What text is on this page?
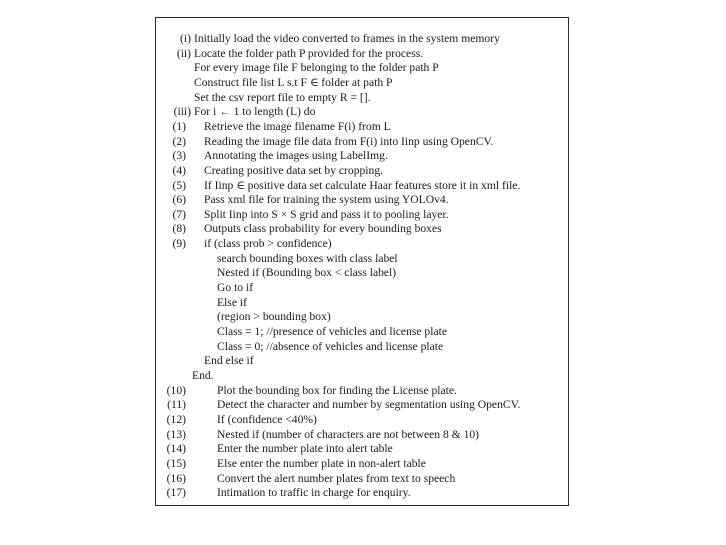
(i) Initially load the video converted to frames in the system memory
(ii) Locate the folder path P provided for the process.
For every image file F belonging to the folder path P
Construct file list L s.t F ∈ folder at path P
Set the csv report file to empty R = [].
(iii) For i ← 1 to length (L) do
(1) Retrieve the image filename F(i) from L
(2) Reading the image file data from F(i) into Iinp using OpenCV.
(3) Annotating the images using LabelImg.
(4) Creating positive data set by cropping.
(5) If Iinp ∈ positive data set calculate Haar features store it in xml file.
(6) Pass xml file for training the system using YOLOv4.
(7) Split Iinp into S × S grid and pass it to pooling layer.
(8) Outputs class probability for every bounding boxes
(9) if (class prob > confidence)
search bounding boxes with class label
Nested if (Bounding box < class label)
Go to if
Else if
(region > bounding box)
Class = 1; //presence of vehicles and license plate
Class = 0; //absence of vehicles and license plate
End else if
End.
(10)	Plot the bounding box for finding the License plate.
(11)	Detect the character and number by segmentation using OpenCV.
(12)	If (confidence <40%)
(13)	Nested if (number of characters are not between 8 & 10)
(14)	Enter the number plate into alert table
(15)	Else enter the number plate in non-alert table
(16)	Convert the alert number plates from text to speech
(17)	Intimation to traffic in charge for enquiry.
